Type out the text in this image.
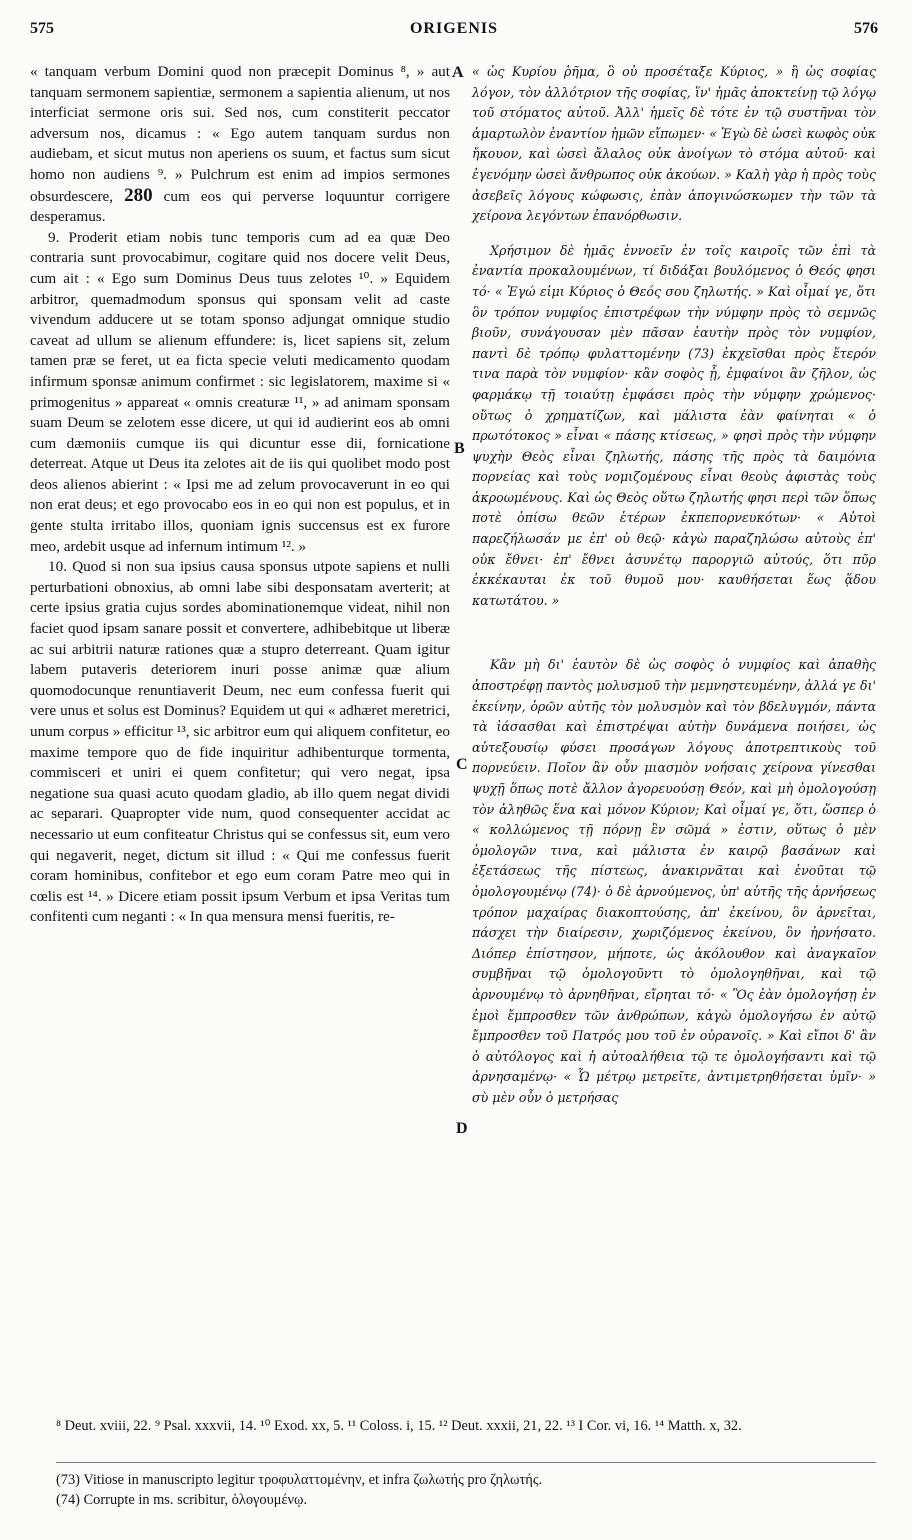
575	ORIGENIS	576
A
B
C
D

« tanquam verbum Domini quod non præcepit Dominus ⁸, » aut tanquam sermonem sapientiæ, sermonem a sapientia alienum, ut nos interficiat sermone oris sui. Sed nos, cum constiterit peccator adversum nos, dicamus : « Ego autem tanquam surdus non audiebam, et sicut mutus non aperiens os suum, et factus sum sicut homo non audiens ⁹. » Pulchrum est enim ad impios sermones obsurdescere, 280 cum eos qui perverse loquuntur corrigere desperamus.

9. Proderit etiam nobis tunc temporis cum ad ea quæ Deo contraria sunt provocabimur, cogitare quid nos docere velit Deus, cum ait : « Ego sum Dominus Deus tuus zelotes ¹⁰. » Equidem arbitror, quemadmodum sponsus qui sponsam velit ad caste vivendum adducere ut se totam sponso adjungat omnique studio caveat ad ullum se alienum effundere: is, licet sapiens sit, zelum tamen præ se feret, ut ea ficta specie veluti medicamento quodam infirmum sponsæ animum confirmet : sic legislatorem, maxime si « primogenitus » appareat « omnis creaturæ ¹¹, » ad animam sponsam suam Deum se zelotem esse dicere, ut qui id audierint eos ab omni cum dæmoniis cumque iis qui dicuntur esse dii, fornicatione deterreat. Atque ut Deus ita zelotes ait de iis qui quolibet modo post deos alienos abierint : « Ipsi me ad zelum provocaverunt in eo qui non erat deus; et ego provocabo eos in eo qui non est populus, et in gente stulta irritabo illos, quoniam ignis succensus est ex furore meo, ardebit usque ad infernum intimum ¹². »

10. Quod si non sua ipsius causa sponsus utpote sapiens et nulli perturbationi obnoxius, ab omni labe sibi desponsatam averterit; at certe ipsius gratia cujus sordes abominationemque videat, nihil non faciet quod ipsam sanare possit et convertere, adhibebitque ut liberæ ac sui arbitrii naturæ rationes quæ a stupro deterreant. Quam igitur labem putaveris deteriorem inuri posse animæ quæ alium quomodocunque renuntiaverit Deum, nec eum confessa fuerit qui vere unus et solus est Dominus? Equidem ut qui « adhæret meretrici, unum corpus » efficitur ¹³, sic arbitror eum qui aliquem confitetur, eo maxime tempore quo de fide inquiritur adhibenturque tormenta, commisceri et uniri ei quem confitetur; qui vero negat, ipsa negatione sua quasi acuto quodam gladio, ab illo quem negat dividi ac separari. Quapropter vide num, quod consequenter accidat ac necessario ut eum confiteatur Christus qui se confessus sit, eum vero qui negaverit, neget, dictum sit illud : « Qui me confessus fuerit coram hominibus, confitebor et ego eum coram Patre meo qui in cœlis est ¹⁴. » Dicere etiam possit ipsum Verbum et ipsa Veritas tum confitenti cum neganti : « In qua mensura mensi fueritis, re-

« ὡς Κυρίου ῥῆμα, ὃ οὐ προσέταξε Κύριος, » ἢ ὡς σοφίας λόγον, τὸν ἀλλότριον τῆς σοφίας, ἵν' ἡμᾶς ἀποκτείνῃ τῷ λόγῳ τοῦ στόματος αὐτοῦ. Ἀλλ' ἡμεῖς δὲ τότε ἐν τῷ συστῆναι τὸν ἁμαρτωλὸν ἐναντίον ἡμῶν εἴπωμεν· « Ἐγὼ δὲ ὡσεὶ κωφὸς οὐκ ἤκουον, καὶ ὡσεὶ ἄλαλος οὐκ ἀνοίγων τὸ στόμα αὐτοῦ· καὶ ἐγενόμην ὡσεὶ ἄνθρωπος οὐκ ἀκούων. » Καλὴ γὰρ ἡ πρὸς τοὺς ἀσεβεῖς λόγους κώφωσις, ἐπὰν ἀπογινώσκωμεν τὴν τῶν τὰ χείρονα λεγόντων ἐπανόρθωσιν.

Χρήσιμον δὲ ἡμᾶς ἐννοεῖν ἐν τοῖς καιροῖς τῶν ἐπὶ τὰ ἐναντία προκαλουμένων, τί διδάξαι βουλόμενος ὁ Θεός φησι τό· « Ἐγώ εἰμι Κύριος ὁ Θεός σου ζηλωτής. » Καὶ οἶμαί γε, ὅτι ὃν τρόπον νυμφίος ἐπιστρέφων τὴν νύμφην πρὸς τὸ σεμνῶς βιοῦν, συνάγουσαν μὲν πᾶσαν ἑαυτὴν πρὸς τὸν νυμφίον, παντὶ δὲ τρόπῳ φυλαττομένην (73) ἐκχεῖσθαι πρὸς ἕτερόν τινα παρὰ τὸν νυμφίον· κἂν σοφὸς ᾖ, ἐμφαίνοι ἂν ζῆλον, ὡς φαρμάκῳ τῇ τοιαύτῃ ἐμφάσει πρὸς τὴν νύμφην χρώμενος· οὕτως ὁ χρηματίζων, καὶ μάλιστα ἐὰν φαίνηται « ὁ πρωτότοκος » εἶναι « πάσης κτίσεως, » φησὶ πρὸς τὴν νύμφην ψυχὴν Θεὸς εἶναι ζηλωτής, πάσης τῆς πρὸς τὰ δαιμόνια πορνείας καὶ τοὺς νομιζομένους εἶναι θεοὺς ἀφιστὰς τοὺς ἀκροωμένους. Καὶ ὡς Θεὸς οὕτω ζηλωτής φησι περὶ τῶν ὅπως ποτὲ ὀπίσω θεῶν ἑτέρων ἐκπεπορνευκότων· « Αὐτοὶ παρεζήλωσάν με ἐπ' οὐ θεῷ· κἀγὼ παραζηλώσω αὐτοὺς ἐπ' οὐκ ἔθνει· ἐπ' ἔθνει ἀσυνέτῳ παροργιῶ αὐτούς, ὅτι πῦρ ἐκκέκαυται ἐκ τοῦ θυμοῦ μου· καυθήσεται ἕως ᾅδου κατωτάτου. »

Κἂν μὴ δι' ἑαυτὸν δὲ ὡς σοφὸς ὁ νυμφίος καὶ ἀπαθὴς ἀποστρέφῃ παντὸς μολυσμοῦ τὴν μεμνηστευμένην, ἀλλά γε δι' ἐκείνην, ὁρῶν αὐτῆς τὸν μολυσμὸν καὶ τὸν βδελυγμόν, πάντα τὰ ἰάσασθαι καὶ ἐπιστρέψαι αὐτὴν δυνάμενα ποιήσει, ὡς αὐτεξουσίῳ φύσει προσάγων λόγους ἀποτρεπτικοὺς τοῦ πορνεύειν. Ποῖον ἂν οὖν μιασμὸν νοήσαις χείρονα γίνεσθαι ψυχῇ ὅπως ποτὲ ἄλλον ἀγορευούσῃ Θεόν, καὶ μὴ ὁμολογούσῃ τὸν ἀληθῶς ἕνα καὶ μόνον Κύριον; Καὶ οἶμαί γε, ὅτι, ὥσπερ ὁ « κολλώμενος τῇ πόρνῃ ἓν σῶμά » ἐστιν, οὕτως ὁ μὲν ὁμολογῶν τινα, καὶ μάλιστα ἐν καιρῷ βασάνων καὶ ἐξετάσεως τῆς πίστεως, ἀνακιρνᾶται καὶ ἑνοῦται τῷ ὁμολογουμένῳ (74)· ὁ δὲ ἀρνούμενος, ὑπ' αὐτῆς τῆς ἀρνήσεως τρόπον μαχαίρας διακοπτούσης, ἀπ' ἐκείνου, ὃν ἀρνεῖται, πάσχει τὴν διαίρεσιν, χωριζόμενος ἐκείνου, ὃν ἠρνήσατο. Διόπερ ἐπίστησον, μήποτε, ὡς ἀκόλουθον καὶ ἀναγκαῖον συμβῆναι τῷ ὁμολογοῦντι τὸ ὁμολογηθῆναι, καὶ τῷ ἀρνουμένῳ τὸ ἀρνηθῆναι, εἴρηται τό· « Ὃς ἐὰν ὁμολογήσῃ ἐν ἐμοὶ ἔμπροσθεν τῶν ἀνθρώπων, κἀγὼ ὁμολογήσω ἐν αὐτῷ ἔμπροσθεν τοῦ Πατρός μου τοῦ ἐν οὐρανοῖς. » Καὶ εἴποι δ' ἂν ὁ αὐτόλογος καὶ ἡ αὐτοαλήθεια τῷ τε ὁμολογήσαντι καὶ τῷ ἀρνησαμένῳ· « Ὧ μέτρῳ μετρεῖτε, ἀντιμετρηθήσεται ὑμῖν· » σὺ μὲν οὖν ὁ μετρήσας

⁸ Deut. xviii, 22. ⁹ Psal. xxxvii, 14. ¹⁰ Exod. xx, 5. ¹¹ Coloss. i, 15. ¹² Deut. xxxii, 21, 22. ¹³ I Cor. vi, 16. ¹⁴ Matth. x, 32.

(73) Vitiose in manuscripto legitur τροφυλαττομένην, et infra ζωλωτής pro ζηλωτής.

(74) Corrupte in ms. scribitur, ὁλογουμένῳ.
